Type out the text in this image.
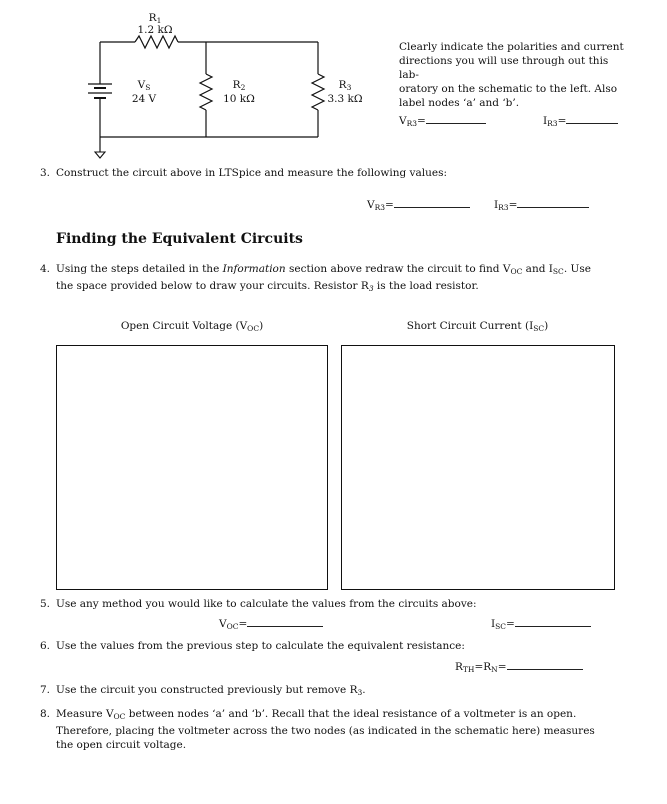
$R_1$
1.2 kΩ
$V_S$
24 V
$R_2$
10 kΩ
$R_3$
3.3 kΩ
Clearly indicate the polarities and current
directions you will use through out this lab-
oratory on the schematic to the left. Also
label nodes ‘a’ and ‘b’.
$V_{R3}=$	$I_{R3}=$
3. Construct the circuit above in LTSpice and measure the following values:
$V_{R3}=$	$I_{R3}=$
Finding the Equivalent Circuits
4. Using the steps detailed in the Information section above redraw the circuit to find $V_{OC}$ and $I_{SC}$. Use
the space provided below to draw your circuits. Resistor $R_3$ is the load resistor.
Open Circuit Voltage $(V_{OC})$	Short Circuit Current $(I_{SC})$
5. Use any method you would like to calculate the values from the circuits above:
$V_{OC}=$	$I_{SC}=$
6. Use the values from the previous step to calculate the equivalent resistance:
$R_{TH}=R_N=$
7. Use the circuit you constructed previously but remove $R_3$.
8. Measure $V_{OC}$ between nodes ‘a’ and ‘b’. Recall that the ideal resistance of a voltmeter is an open.
Therefore, placing the voltmeter across the two nodes (as indicated in the schematic here) measures
the open circuit voltage.
